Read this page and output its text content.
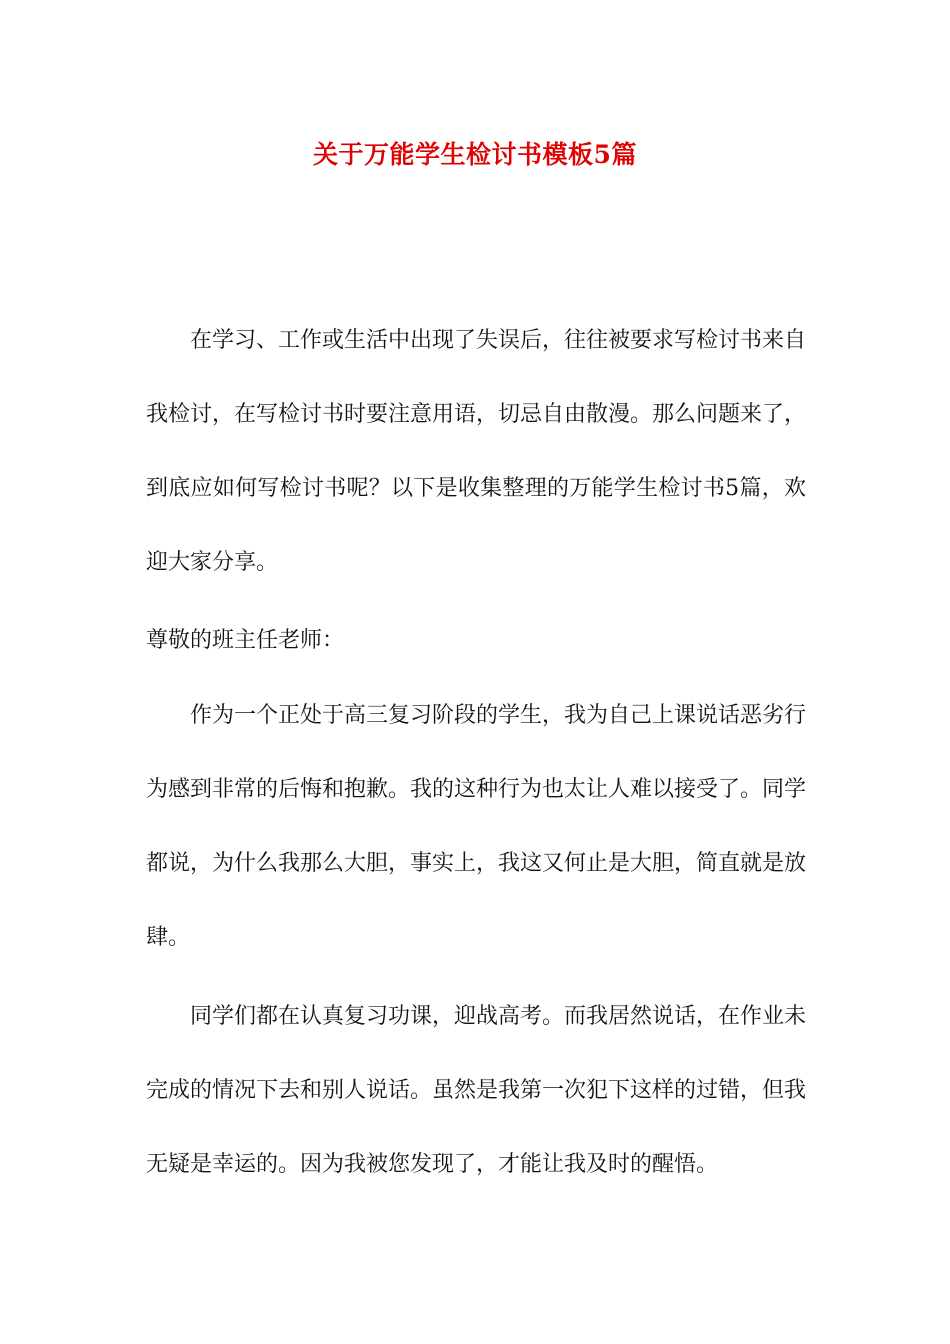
关于万能学生检讨书模板5篇

在学习、工作或生活中出现了失误后，往往被要求写检讨书来自我检讨，在写检讨书时要注意用语，切忌自由散漫。那么问题来了，到底应如何写检讨书呢？以下是收集整理的万能学生检讨书5篇，欢迎大家分享。

尊敬的班主任老师：

作为一个正处于高三复习阶段的学生，我为自己上课说话恶劣行为感到非常的后悔和抱歉。我的这种行为也太让人难以接受了。同学都说，为什么我那么大胆，事实上，我这又何止是大胆，简直就是放肆。

同学们都在认真复习功课，迎战高考。而我居然说话，在作业未完成的情况下去和别人说话。虽然是我第一次犯下这样的过错，但我无疑是幸运的。因为我被您发现了，才能让我及时的醒悟。
